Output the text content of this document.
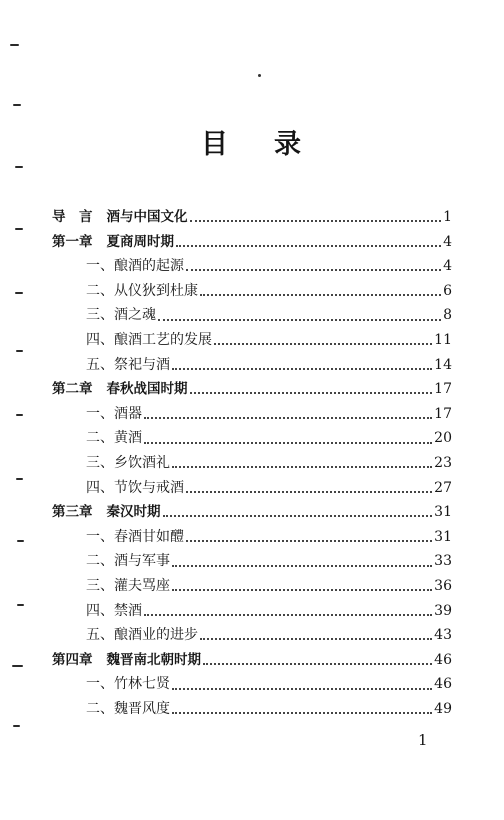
目 录
导　言 酒与中国文化	1
第一章 夏商周时期	4
一、酿酒的起源	4
二、从仪狄到杜康	6
三、酒之魂	8
四、酿酒工艺的发展	11
五、祭祀与酒	14
第二章 春秋战国时期	17
一、酒器	17
二、黄酒	20
三、乡饮酒礼	23
四、节饮与戒酒	27
第三章 秦汉时期	31
一、春酒甘如醴	31
二、酒与军事	33
三、灌夫骂座	36
四、禁酒	39
五、酿酒业的进步	43
第四章 魏晋南北朝时期	46
一、竹林七贤	46
二、魏晋风度	49
1
